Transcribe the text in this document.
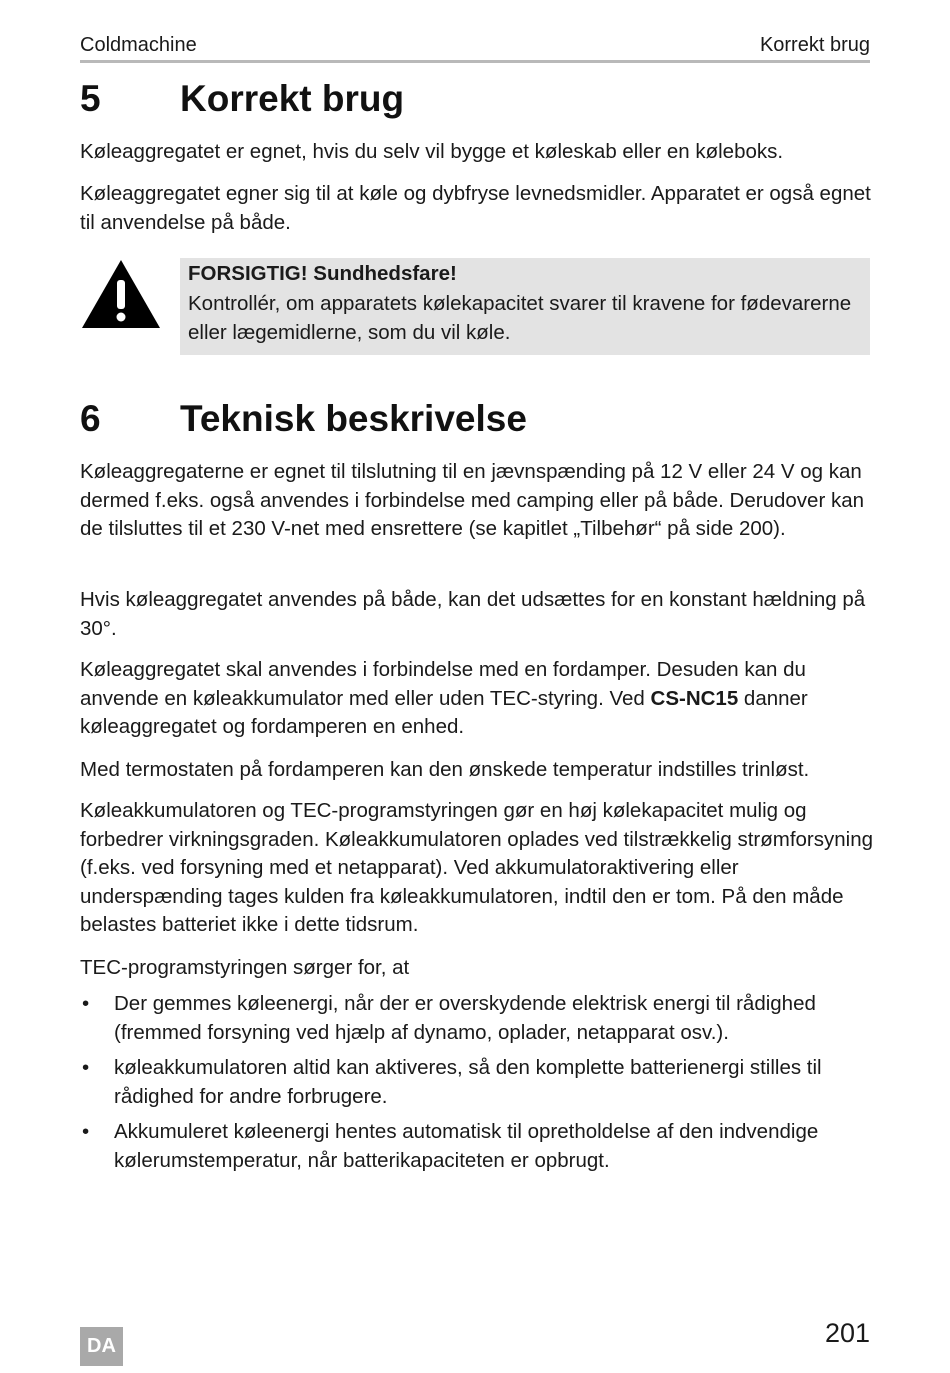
Coldmachine	Korrekt brug
5 Korrekt brug

Køleaggregatet er egnet, hvis du selv vil bygge et køleskab eller en køleboks.

Køleaggregatet egner sig til at køle og dybfryse levnedsmidler. Apparatet er også egnet til anvendelse på både.

FORSIGTIG! Sundhedsfare!
Kontrollér, om apparatets kølekapacitet svarer til kravene for fødevarerne eller lægemidlerne, som du vil køle.
6 Teknisk beskrivelse

Køleaggregaterne er egnet til tilslutning til en jævnspænding på 12 V eller 24 V og kan dermed f.eks. også anvendes i forbindelse med camping eller på både. Derudover kan de tilsluttes til et 230 V-net med ensrettere (se kapitlet „Tilbehør“ på side 200).

Hvis køleaggregatet anvendes på både, kan det udsættes for en konstant hældning på 30°.

Køleaggregatet skal anvendes i forbindelse med en fordamper. Desuden kan du anvende en køleakkumulator med eller uden TEC-styring. Ved CS-NC15 danner køleaggregatet og fordamperen en enhed.

Med termostaten på fordamperen kan den ønskede temperatur indstilles trinløst.

Køleakkumulatoren og TEC-programstyringen gør en høj kølekapacitet mulig og forbedrer virkningsgraden. Køleakkumulatoren oplades ved tilstrækkelig strømforsyning (f.eks. ved forsyning med et netapparat). Ved akkumulatoraktivering eller underspænding tages kulden fra køleakkumulatoren, indtil den er tom. På den måde belastes batteriet ikke i dette tidsrum.

TEC-programstyringen sørger for, at

• Der gemmes køleenergi, når der er overskydende elektrisk energi til rådighed (fremmed forsyning ved hjælp af dynamo, oplader, netapparat osv.).
• køleakkumulatoren altid kan aktiveres, så den komplette batterienergi stilles til rådighed for andre forbrugere.
• Akkumuleret køleenergi hentes automatisk til opretholdelse af den indvendige kølerumstemperatur, når batterikapaciteten er opbrugt.
DA	201
